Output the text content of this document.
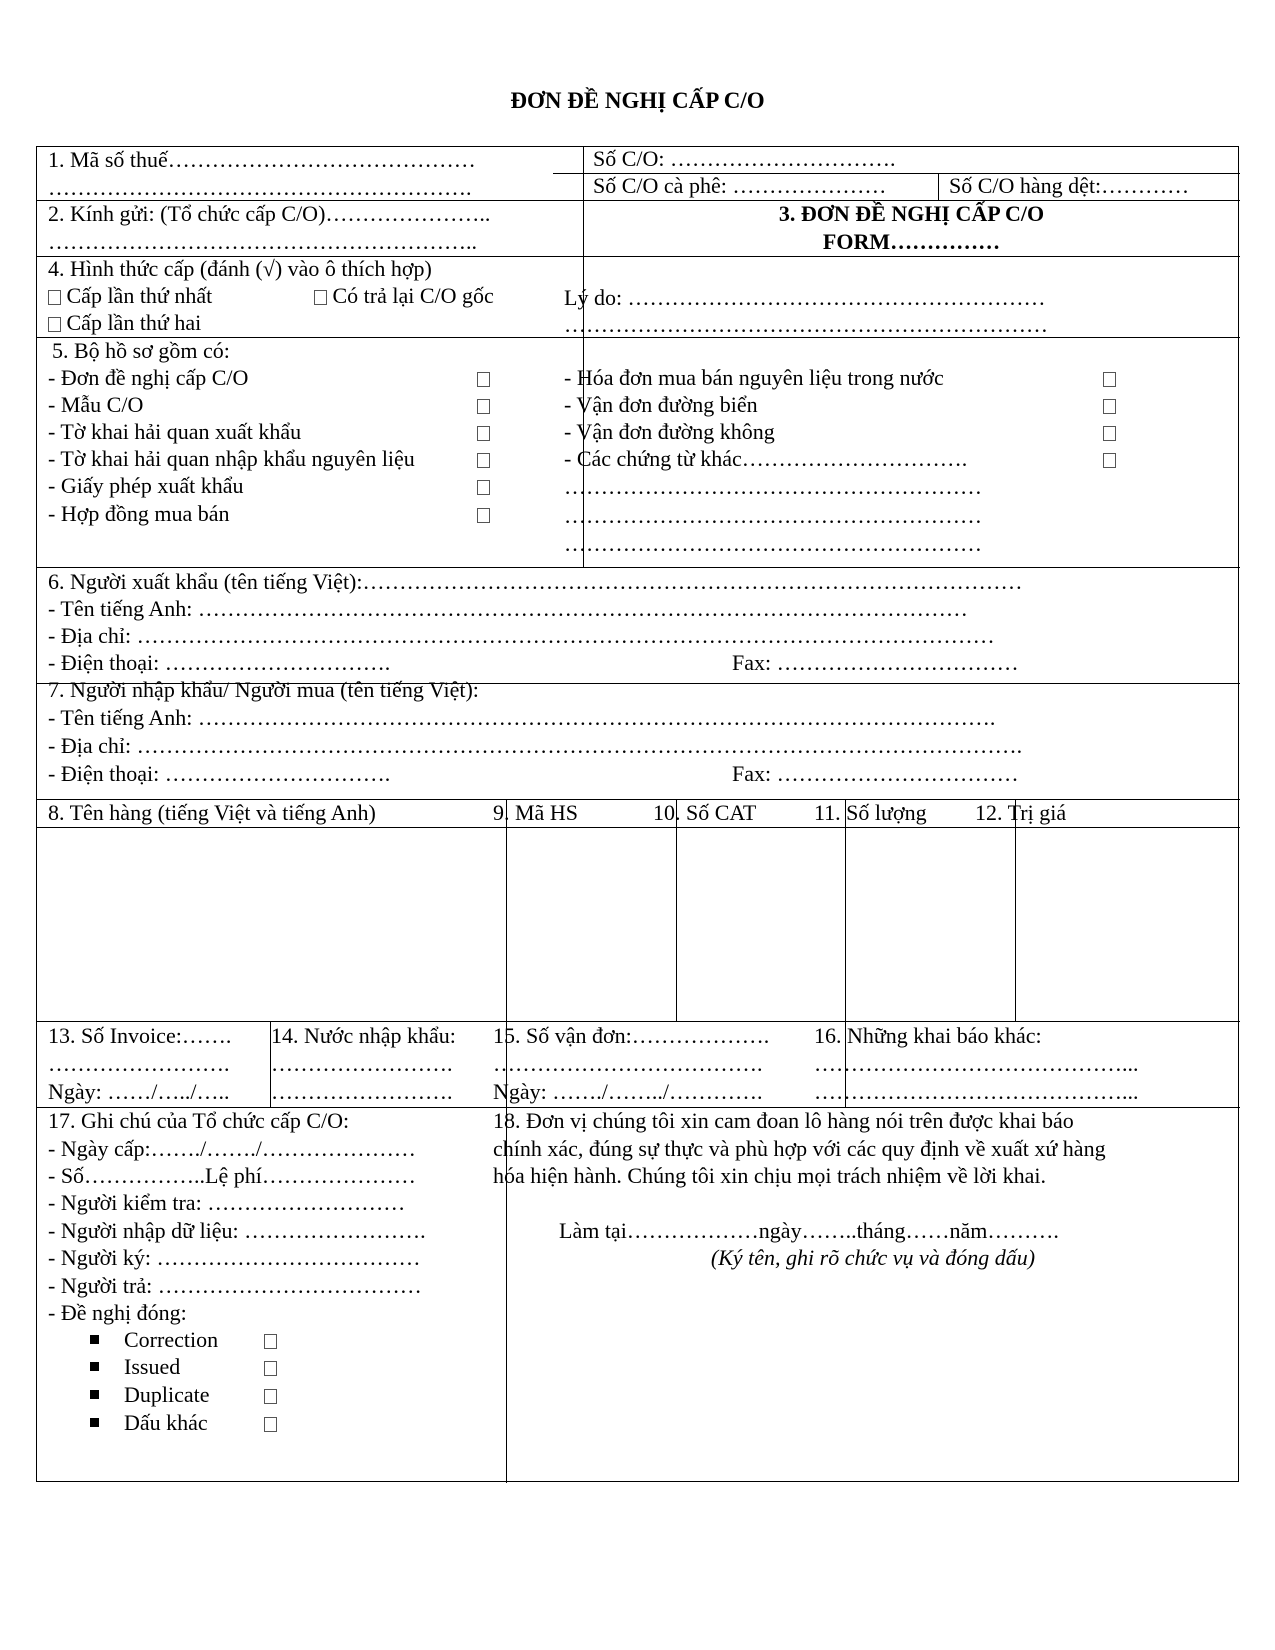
ĐƠN ĐỀ NGHỊ CẤP C/O
1. Mã số thuế……………………………………
………………………………………………….
Số C/O: ………………………….
Số C/O cà phê: …………………	Số C/O hàng dệt:…………
2. Kính gửi: (Tổ chức cấp C/O)…………………..
…………………………………………………..
3. ĐƠN ĐỀ NGHỊ CẤP C/O
FORM……………
4. Hình thức cấp (đánh (√) vào ô thích hợp)
Cấp lần thứ nhất	Có trả lại C/O gốc
Cấp lần thứ hai
Lý do: …………………………………………………
…………………………………………………………
5. Bộ hồ sơ gồm có:
- Đơn đề nghị cấp C/O
- Mẫu C/O
- Tờ khai hải quan xuất khẩu
- Tờ khai hải quan nhập khẩu nguyên liệu
- Giấy phép xuất khẩu
- Hợp đồng mua bán
- Hóa đơn mua bán nguyên liệu trong nước
- Vận đơn đường biển
- Vận đơn đường không
- Các chứng từ khác………………………….
…………………………………………………
…………………………………………………
…………………………………………………
6. Người xuất khẩu (tên tiếng Việt):………………………………………………………………………………
- Tên tiếng Anh: ……………………………………………………………………………………………
- Địa chỉ: ………………………………………………………………………………………………………
- Điện thoại: ………………………….	Fax: ……………………………
7. Người nhập khẩu/ Người mua (tên tiếng Việt):
- Tên tiếng Anh: ……………………………………………………………………………………………….
- Địa chỉ: ………………………………………………………………………………………………………….
- Điện thoại: ………………………….	Fax: ……………………………
8. Tên hàng (tiếng Việt và tiếng Anh)	9. Mã HS	10. Số CAT	11. Số lượng 12. Trị giá
13. Số Invoice:…….
…………………….
Ngày: ……/…../…..
14. Nước nhập khẩu:
…………………….
…………………….
15. Số vận đơn:……………….
……………………………….
Ngày: ……./……../………….
16. Những khai báo khác:
……………………………………...
……………………………………...
17. Ghi chú của Tổ chức cấp C/O:
- Ngày cấp:……./……./…………………
- Số……………..Lệ phí…………………
- Người kiểm tra: ………………………
- Người nhập dữ liệu: …………………….
- Người ký: ………………………………
- Người trả: ………………………………
- Đề nghị đóng:
Correction
Issued
Duplicate
Dấu khác
18. Đơn vị chúng tôi xin cam đoan lô hàng nói trên được khai báo
chính xác, đúng sự thực và phù hợp với các quy định về xuất xứ hàng
hóa hiện hành. Chúng tôi xin chịu mọi trách nhiệm về lời khai.
Làm tại………………ngày……..tháng……năm……….
(Ký tên, ghi rõ chức vụ và đóng dấu)
